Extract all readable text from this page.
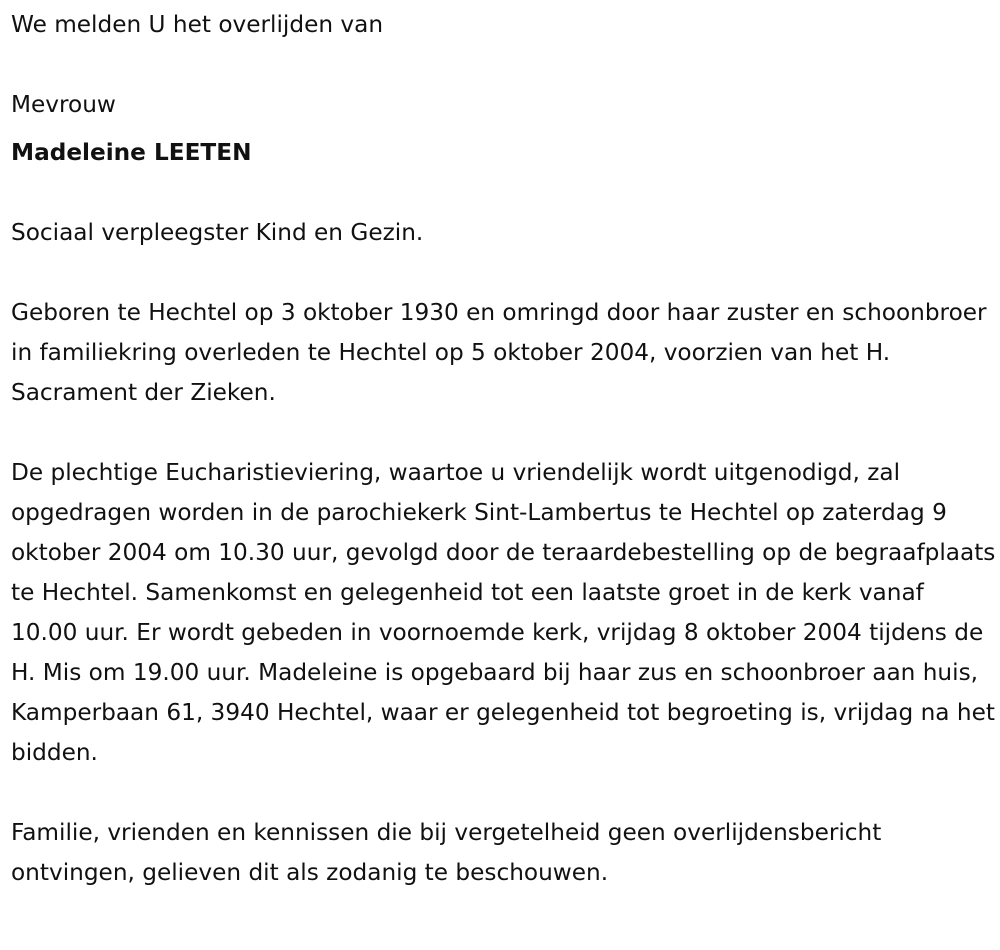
We melden U het overlijden van

Mevrouw

Madeleine LEETEN

Sociaal verpleegster Kind en Gezin.

Geboren te Hechtel op 3 oktober 1930 en omringd door haar zuster en schoonbroer in familiekring overleden te Hechtel op 5 oktober 2004, voorzien van het H. Sacrament der Zieken.

De plechtige Eucharistieviering, waartoe u vriendelijk wordt uitgenodigd, zal opgedragen worden in de parochiekerk Sint-Lambertus te Hechtel op zaterdag 9 oktober 2004 om 10.30 uur, gevolgd door de teraardebestelling op de begraafplaats te Hechtel. Samenkomst en gelegenheid tot een laatste groet in de kerk vanaf 10.00 uur. Er wordt gebeden in voornoemde kerk, vrijdag 8 oktober 2004 tijdens de H. Mis om 19.00 uur. Madeleine is opgebaard bij haar zus en schoonbroer aan huis, Kamperbaan 61, 3940 Hechtel, waar er gelegenheid tot begroeting is, vrijdag na het bidden.

Familie, vrienden en kennissen die bij vergetelheid geen overlijdensbericht ontvingen, gelieven dit als zodanig te beschouwen.
